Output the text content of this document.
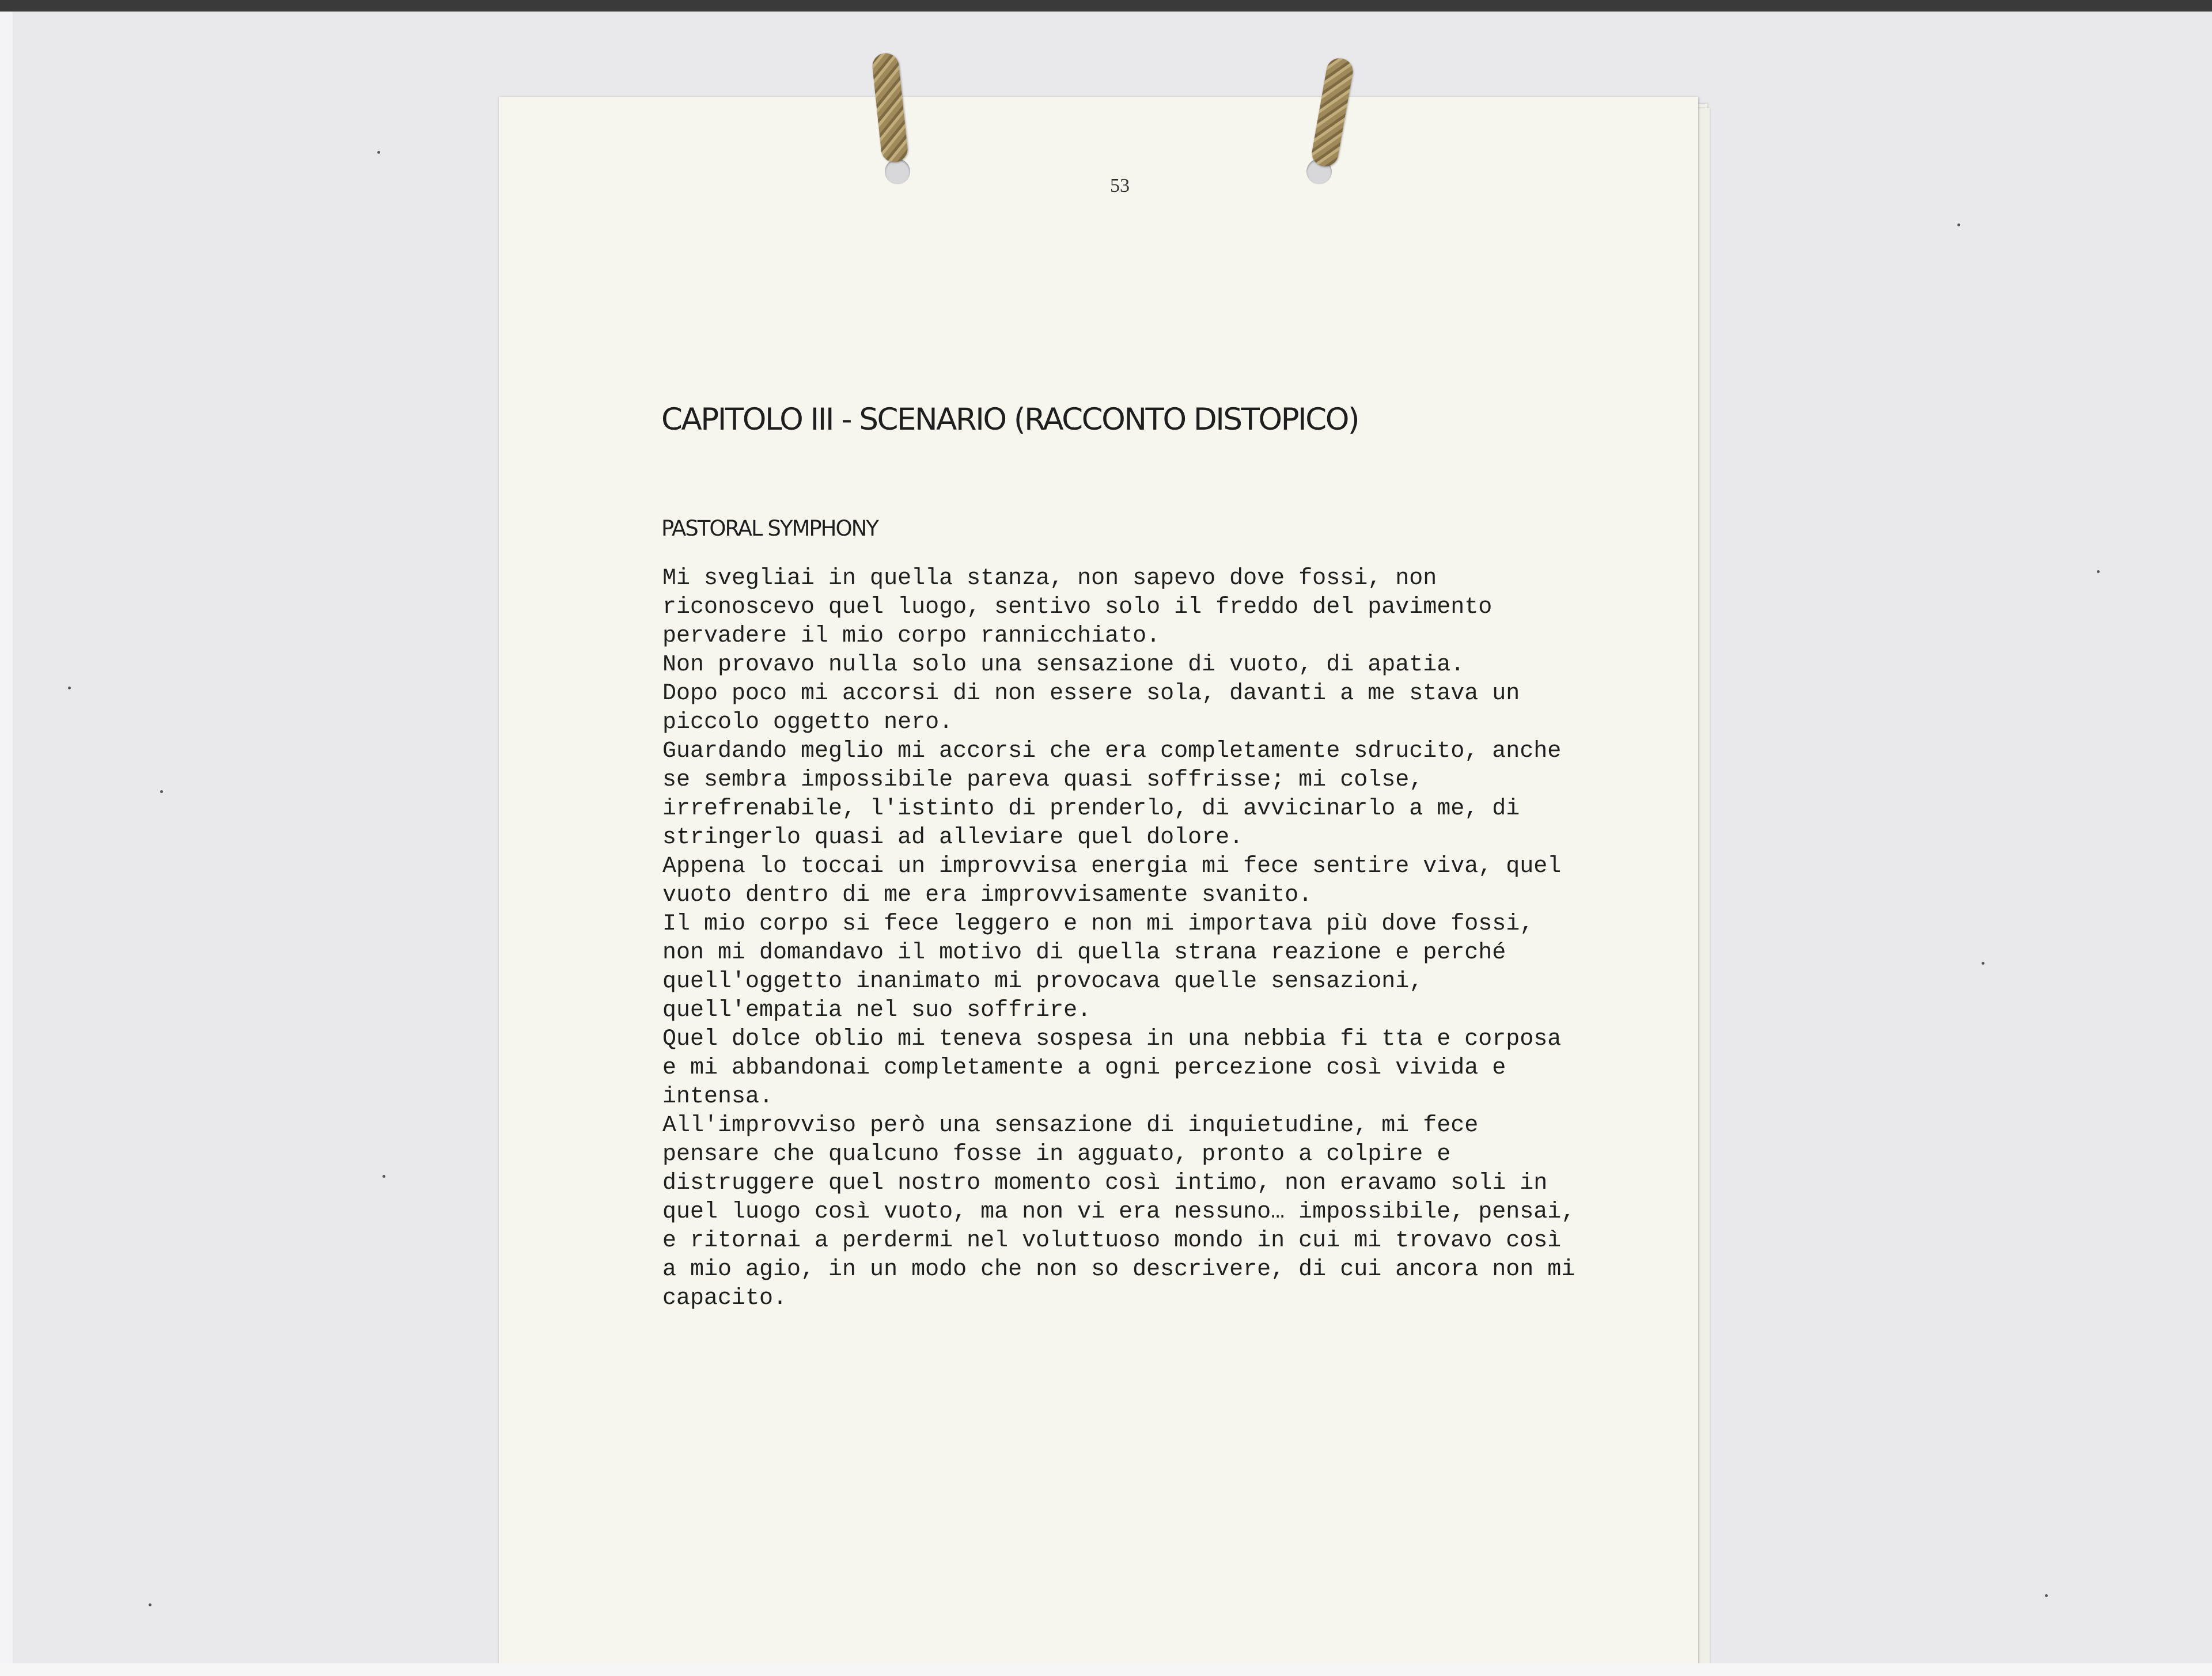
53

CAPITOLO III - SCENARIO (RACCONTO DISTOPICO)
PASTORAL SYMPHONY
Mi svegliai in quella stanza, non sapevo dove fossi, non
riconoscevo quel luogo, sentivo solo il freddo del pavimento
pervadere il mio corpo rannicchiato.
Non provavo nulla solo una sensazione di vuoto, di apatia.
Dopo poco mi accorsi di non essere sola, davanti a me stava un
piccolo oggetto nero.
Guardando meglio mi accorsi che era completamente sdrucito, anche
se sembra impossibile pareva quasi soffrisse; mi colse,
irrefrenabile, l'istinto di prenderlo, di avvicinarlo a me, di
stringerlo quasi ad alleviare quel dolore.
Appena lo toccai un improvvisa energia mi fece sentire viva, quel
vuoto dentro di me era improvvisamente svanito.
Il mio corpo si fece leggero e non mi importava più dove fossi,
non mi domandavo il motivo di quella strana reazione e perché
quell'oggetto inanimato mi provocava quelle sensazioni,
quell'empatia nel suo soffrire.
Quel dolce oblio mi teneva sospesa in una nebbia fi tta e corposa
e mi abbandonai completamente a ogni percezione così vivida e
intensa.
All'improvviso però una sensazione di inquietudine, mi fece
pensare che qualcuno fosse in agguato, pronto a colpire e
distruggere quel nostro momento così intimo, non eravamo soli in
quel luogo così vuoto, ma non vi era nessuno… impossibile, pensai,
e ritornai a perdermi nel voluttuoso mondo in cui mi trovavo così
a mio agio, in un modo che non so descrivere, di cui ancora non mi
capacito.
